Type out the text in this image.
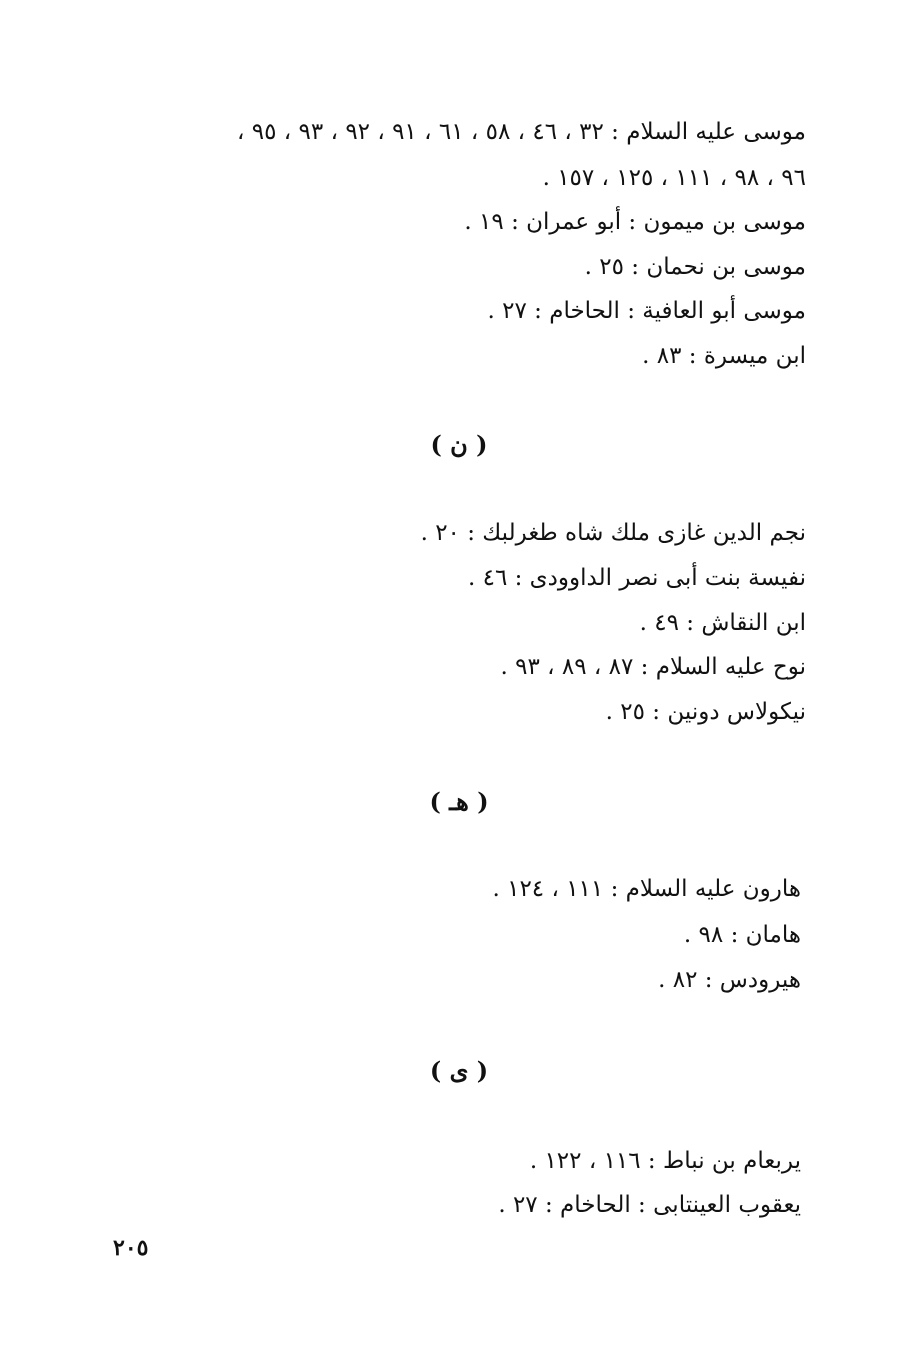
موسى عليه السلام : ٣٢ ، ٤٦ ، ٥٨ ، ٦١ ، ٩١ ، ٩٢ ، ٩٣ ، ٩٥ ،
٩٦ ، ٩٨ ، ١١١ ، ١٢٥ ، ١٥٧ .
موسى بن ميمون : أبو عمران : ١٩ .
موسى بن نحمان : ٢٥ .
موسى أبو العافية : الحاخام : ٢٧ .
ابن ميسرة : ٨٣ .
( ن )
نجم الدين غازى ملك شاه طغرلبك : ٢٠ .
نفيسة بنت أبى نصر الداوودى : ٤٦ .
ابن النقاش : ٤٩ .
نوح عليه السلام : ٨٧ ، ٨٩ ، ٩٣ .
نيكولاس دونين : ٢٥ .
( هـ )
هارون عليه السلام : ١١١ ، ١٢٤ .
هامان : ٩٨ .
هيرودس : ٨٢ .
( ى )
يربعام بن نباط : ١١٦ ، ١٢٢ .
يعقوب العينتابى : الحاخام : ٢٧ .
٢٠٥
